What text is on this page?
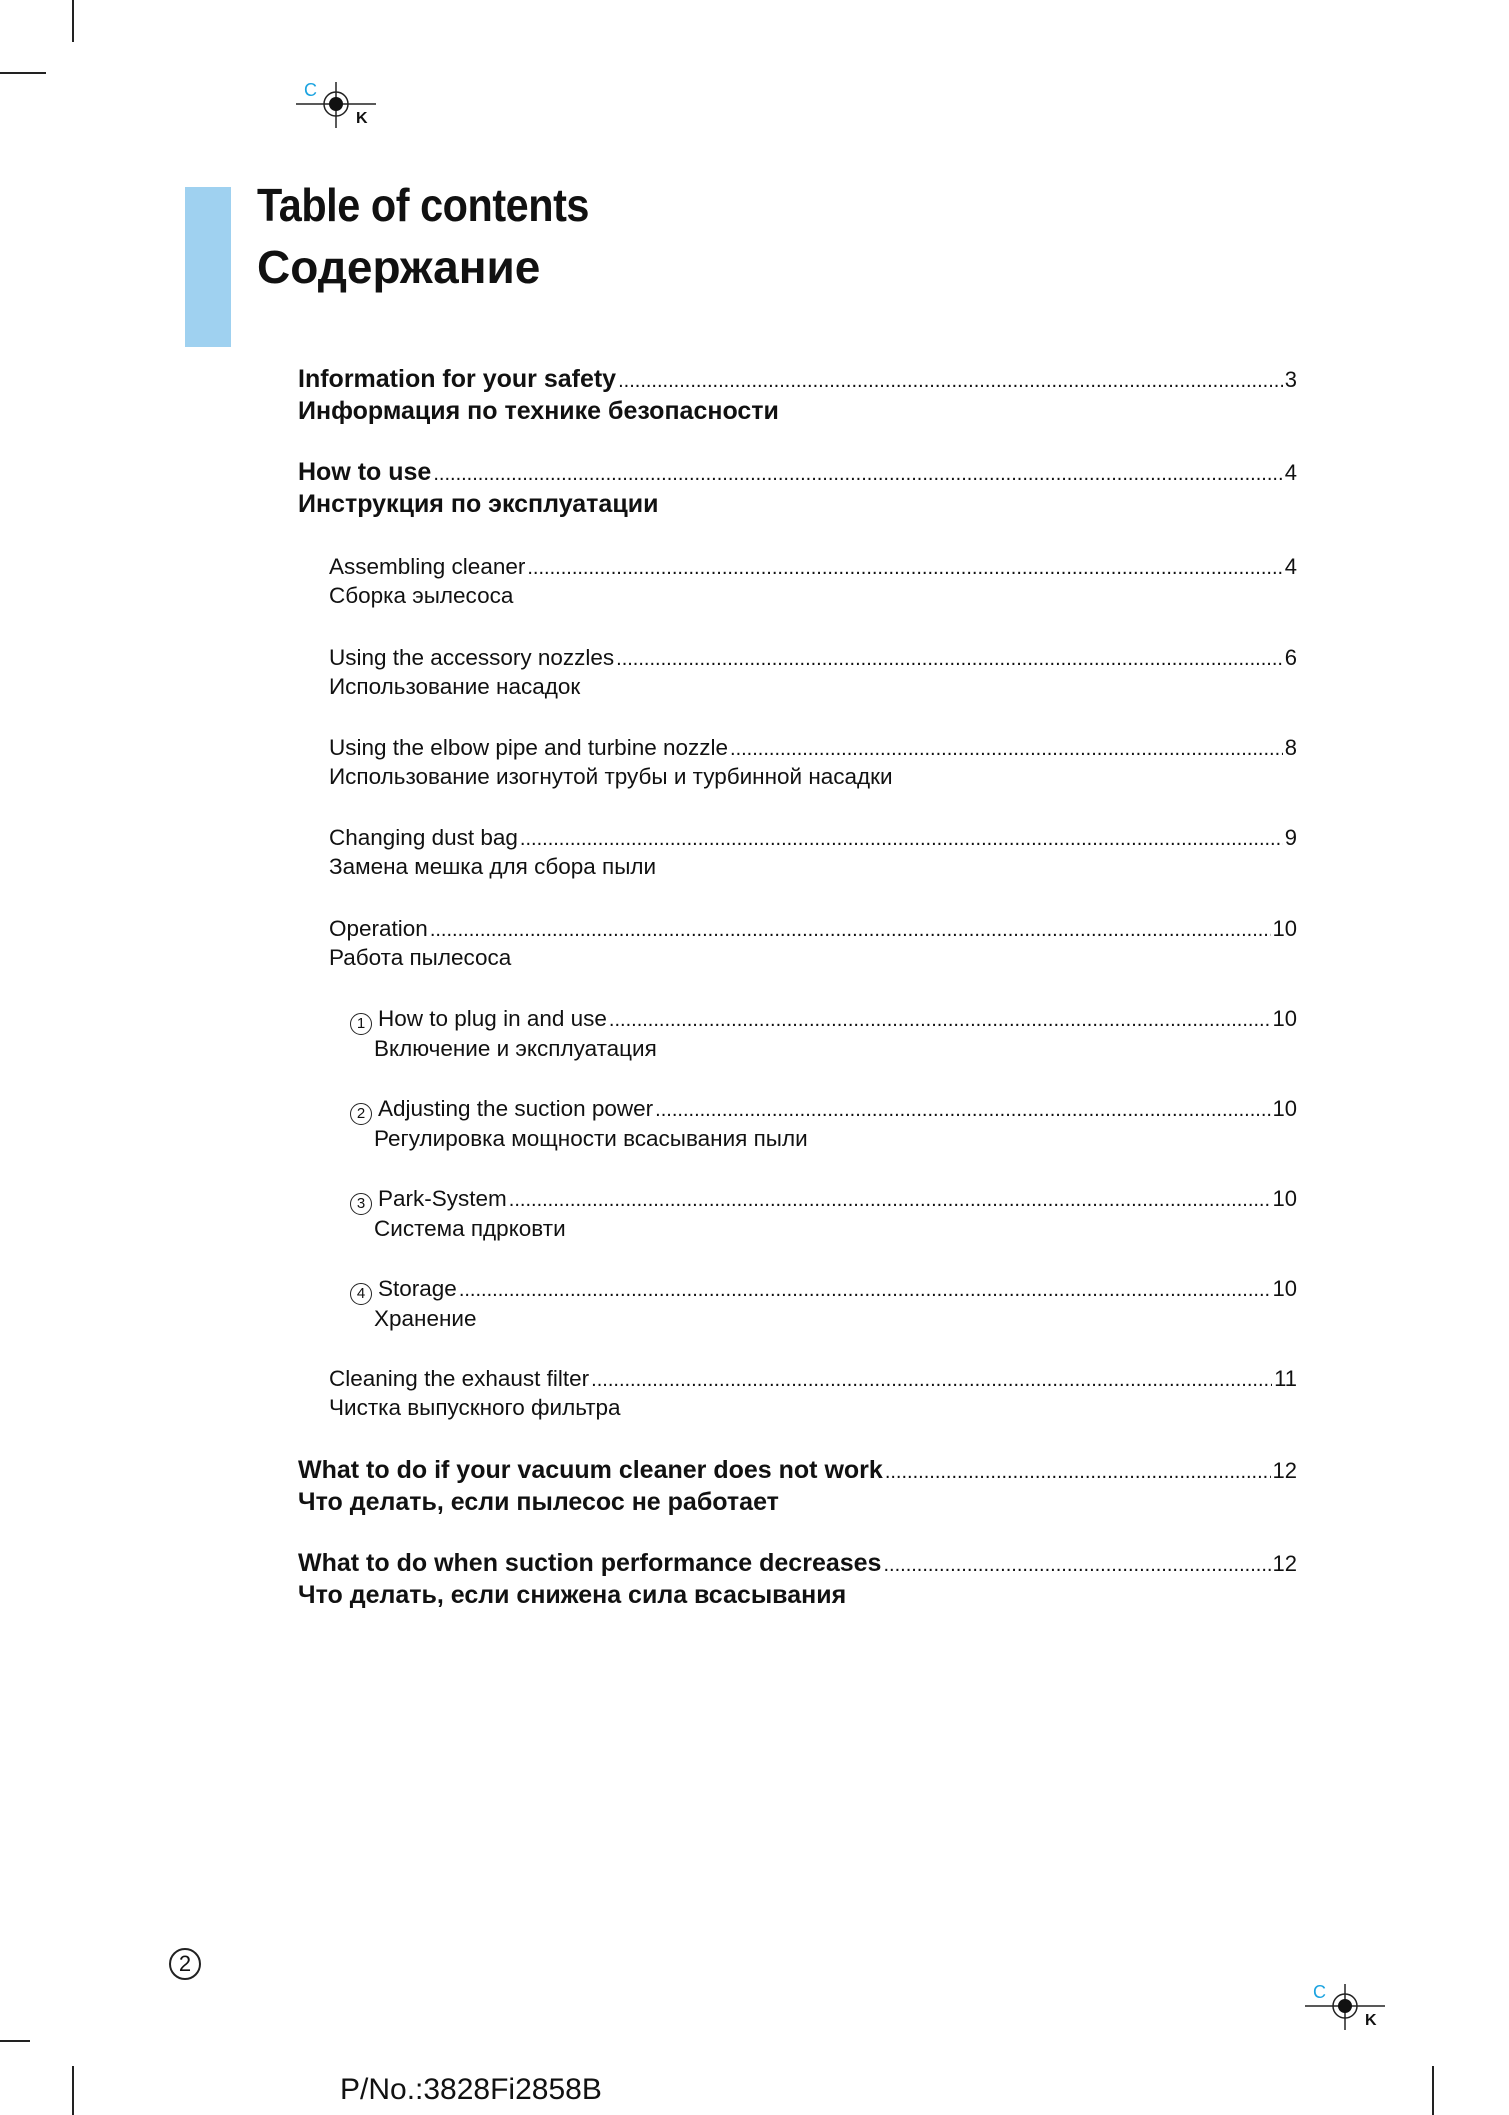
C
K
C
K
Table of contents
Содержание
Information for your safety .....	3
Информация по технике безопасности
How to use .....	4
Инструкция по эксплуатации
Assembling cleaner .....	4
Сборка эылесоса
Using the accessory nozzles .....	6
Использование насадок
Using the elbow pipe and turbine nozzle .....	8
Использование изогнутой трубы и турбинной насадки
Changing dust bag .....	9
Замена мешка для сбора пыли
Operation .....	10
Работа пылесоса
1 How to plug in and use .....	10
Включение и эксплуатация
2 Adjusting the suction power .....	10
Регулировка мощности всасывания пыли
3 Park-System .....	10
Система пдрковти
4 Storage .....	10
Хранение
Cleaning the exhaust filter .....	11
Чистка выпускного фильтра
What to do if your vacuum cleaner does not work .....	12
Что делать, если пылесос не работает
What to do when suction performance decreases .....	12
Что делать, если снижена сила всасывания
2
P/No.:3828Fi2858B
